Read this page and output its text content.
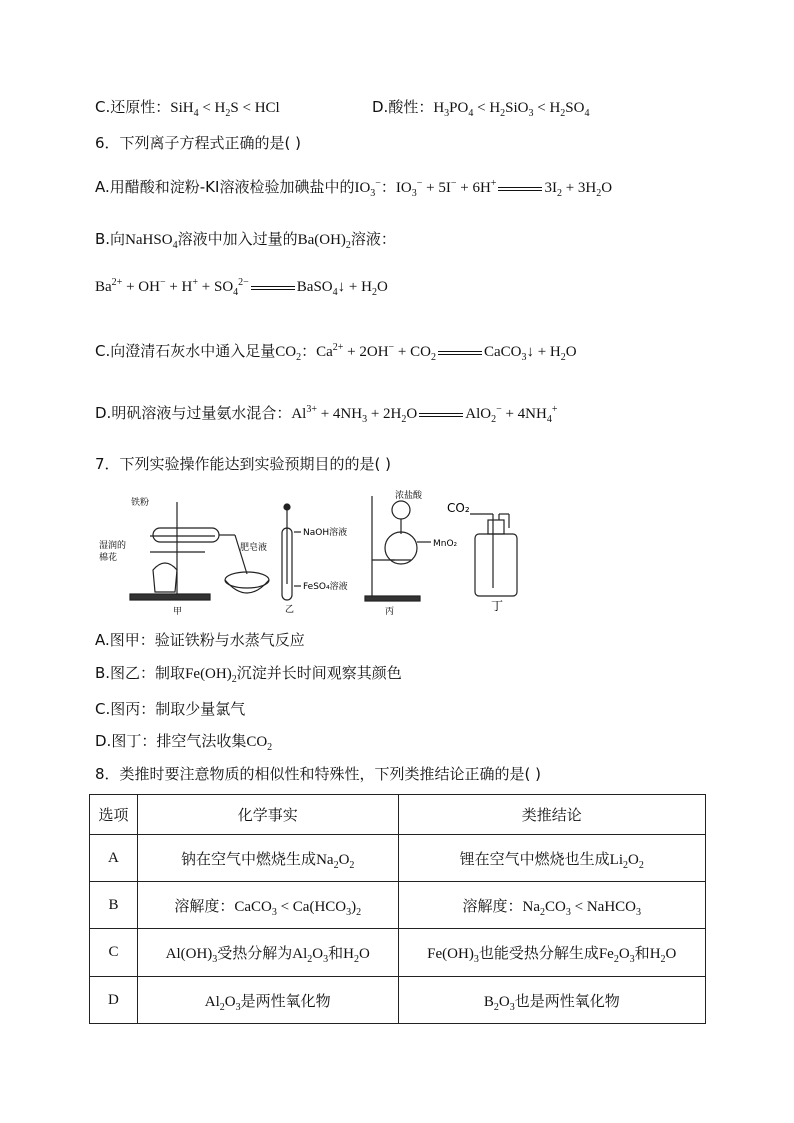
C.还原性：$SiH_4 < H_2S$ < HCl	D.酸性：$H_3PO_4 < H_2SiO_3 < H_2SO_4$
6．下列离子方程式正确的是( )
A.用醋酸和淀粉-KI溶液检验加碘盐中的$IO_3^-$：$IO_3^- + 5I^- + 6H^+$	$3I_2 + 3H_2O$
B.向NaHSO$_4$溶液中加入过量的$Ba(OH)_2$溶液：
$Ba^{2+} + OH^- + H^+ + SO_4^{2-}$	BaSO$_4$↓ + $H_2O$
C.向澄清石灰水中通入足量$CO_2$：$Ca^{2+} + 2OH^- + CO_2$	CaCO$_3$↓ + $H_2O$
D.明矾溶液与过量氨水混合：$Al^{3+} + 4NH_3 + 2H_2O$	$AlO_2^- + 4NH_4^+$
7．下列实验操作能达到实验预期目的的是( )
铁粉
湿润的
棉花
肥皂液
甲
NaOH溶液
FeSO₄溶液
乙
浓盐酸
MnO₂
丙
CO₂
丁
A.图甲：验证铁粉与水蒸气反应
B.图乙：制取$Fe(OH)_2$沉淀并长时间观察其颜色
C.图丙：制取少量氯气
D.图丁：排空气法收集$CO_2$
8．类推时要注意物质的相似性和特殊性，下列类推结论正确的是( )
选项	化学事实	类推结论
A	钠在空气中燃烧生成$Na_2O_2$	锂在空气中燃烧也生成$Li_2O_2$
B	溶解度：CaCO$_3$ < $Ca(HCO_3)_2$	溶解度：$Na_2CO_3$ < NaHCO$_3$
C	$Al(OH)_3$受热分解为$Al_2O_3$和$H_2O$	$Fe(OH)_3$也能受热分解生成$Fe_2O_3$和$H_2O$
D	$Al_2O_3$是两性氧化物	$B_2O_3$也是两性氧化物
